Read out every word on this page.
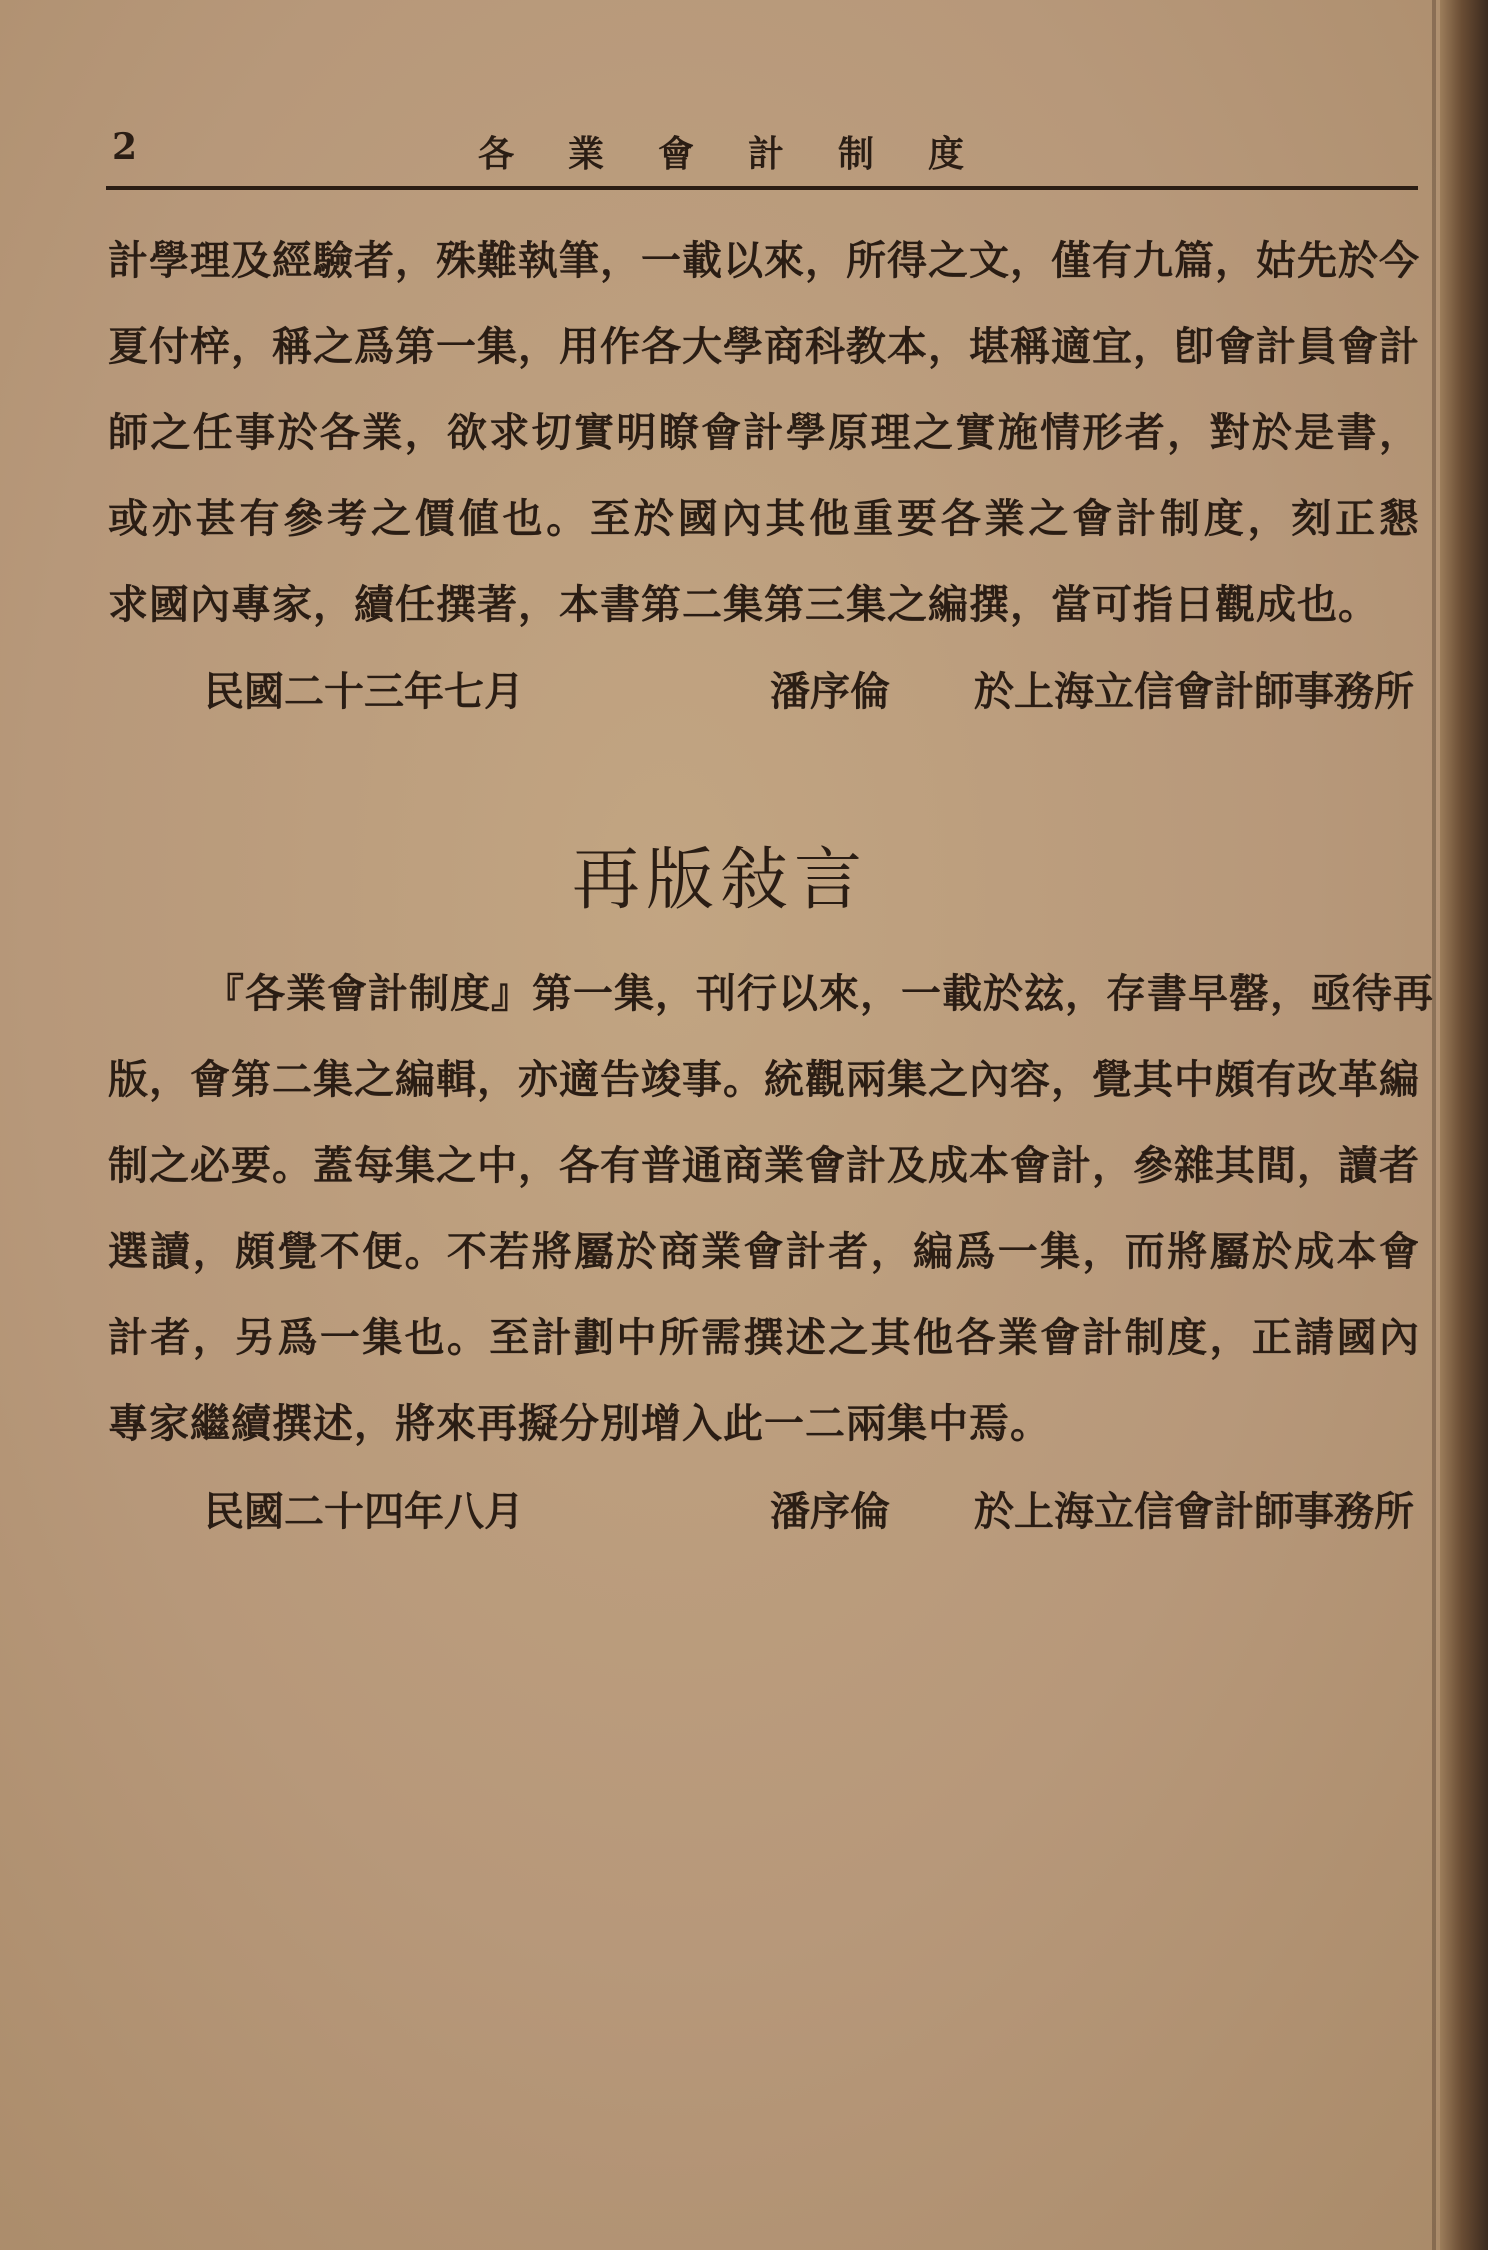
2	各業會計制度
計學理及經驗者，殊難執筆，一載以來，所得之文，僅有九篇，姑先於今
夏付梓，稱之爲第一集，用作各大學商科教本，堪稱適宜，卽會計員會計
師之任事於各業，欲求切實明瞭會計學原理之實施情形者，對於是書，
或亦甚有參考之價値也。至於國內其他重要各業之會計制度，刻正懇
求國內專家，續任撰著，本書第二集第三集之編撰，當可指日觀成也。
民國二十三年七月	潘序倫 於上海立信會計師事務所
再版敍言
『各業會計制度』第一集，刊行以來，一載於玆，存書早罄，亟待再
版，會第二集之編輯，亦適告竣事。統觀兩集之內容，覺其中頗有改革編
制之必要。蓋每集之中，各有普通商業會計及成本會計，參雜其間，讀者
選讀，頗覺不便。不若將屬於商業會計者，編爲一集，而將屬於成本會
計者，另爲一集也。至計劃中所需撰述之其他各業會計制度，正請國內
專家繼續撰述，將來再擬分別增入此一二兩集中焉。
民國二十四年八月	潘序倫 於上海立信會計師事務所
